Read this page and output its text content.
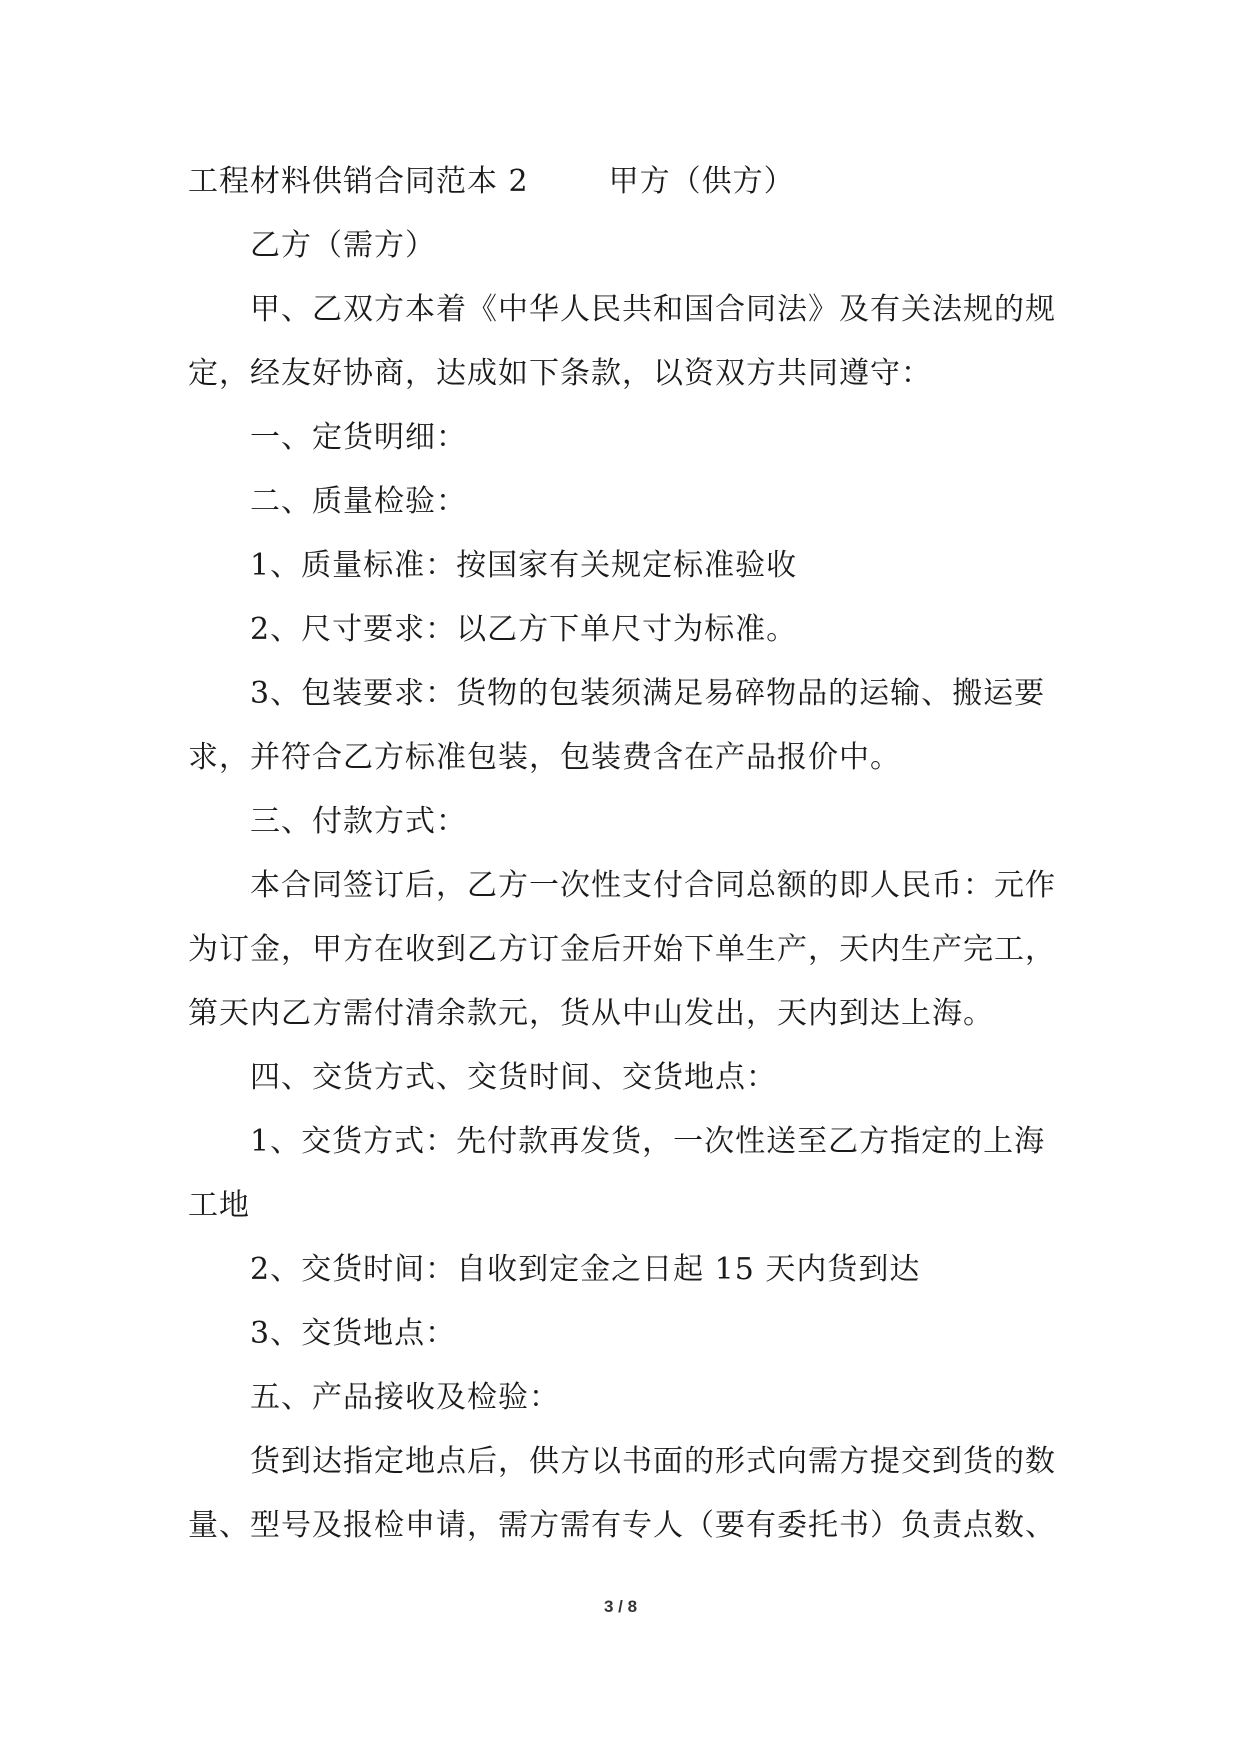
工程材料供销合同范本 2	甲方（供方）
乙方（需方）
甲、乙双方本着《中华人民共和国合同法》及有关法规的规
定，经友好协商，达成如下条款，以资双方共同遵守：
一、定货明细：
二、质量检验：
1、质量标准：按国家有关规定标准验收
2、尺寸要求：以乙方下单尺寸为标准。
3、包装要求：货物的包装须满足易碎物品的运输、搬运要
求，并符合乙方标准包装，包装费含在产品报价中。
三、付款方式：
本合同签订后，乙方一次性支付合同总额的即人民币：元作
为订金，甲方在收到乙方订金后开始下单生产，天内生产完工，
第天内乙方需付清余款元，货从中山发出，天内到达上海。
四、交货方式、交货时间、交货地点：
1、交货方式：先付款再发货，一次性送至乙方指定的上海
工地
2、交货时间：自收到定金之日起 15 天内货到达
3、交货地点：
五、产品接收及检验：
货到达指定地点后，供方以书面的形式向需方提交到货的数
量、型号及报检申请，需方需有专人（要有委托书）负责点数、
3 / 8
